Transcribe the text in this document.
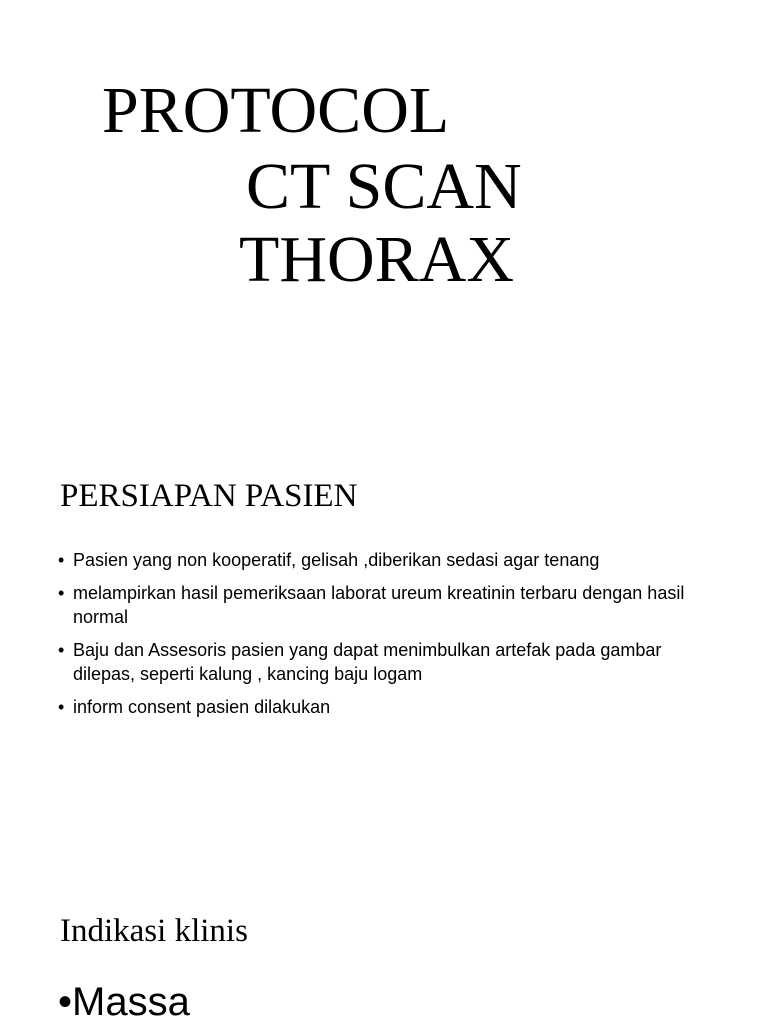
PROTOCOL
CT SCAN
THORAX
PERSIAPAN PASIEN
• Pasien yang non kooperatif, gelisah ,diberikan sedasi agar tenang
• melampirkan hasil pemeriksaan laborat ureum kreatinin terbaru dengan hasil normal
• Baju dan Assesoris pasien yang dapat menimbulkan artefak pada gambar dilepas, seperti kalung , kancing baju logam
• inform consent pasien dilakukan
Indikasi klinis
•Massa
